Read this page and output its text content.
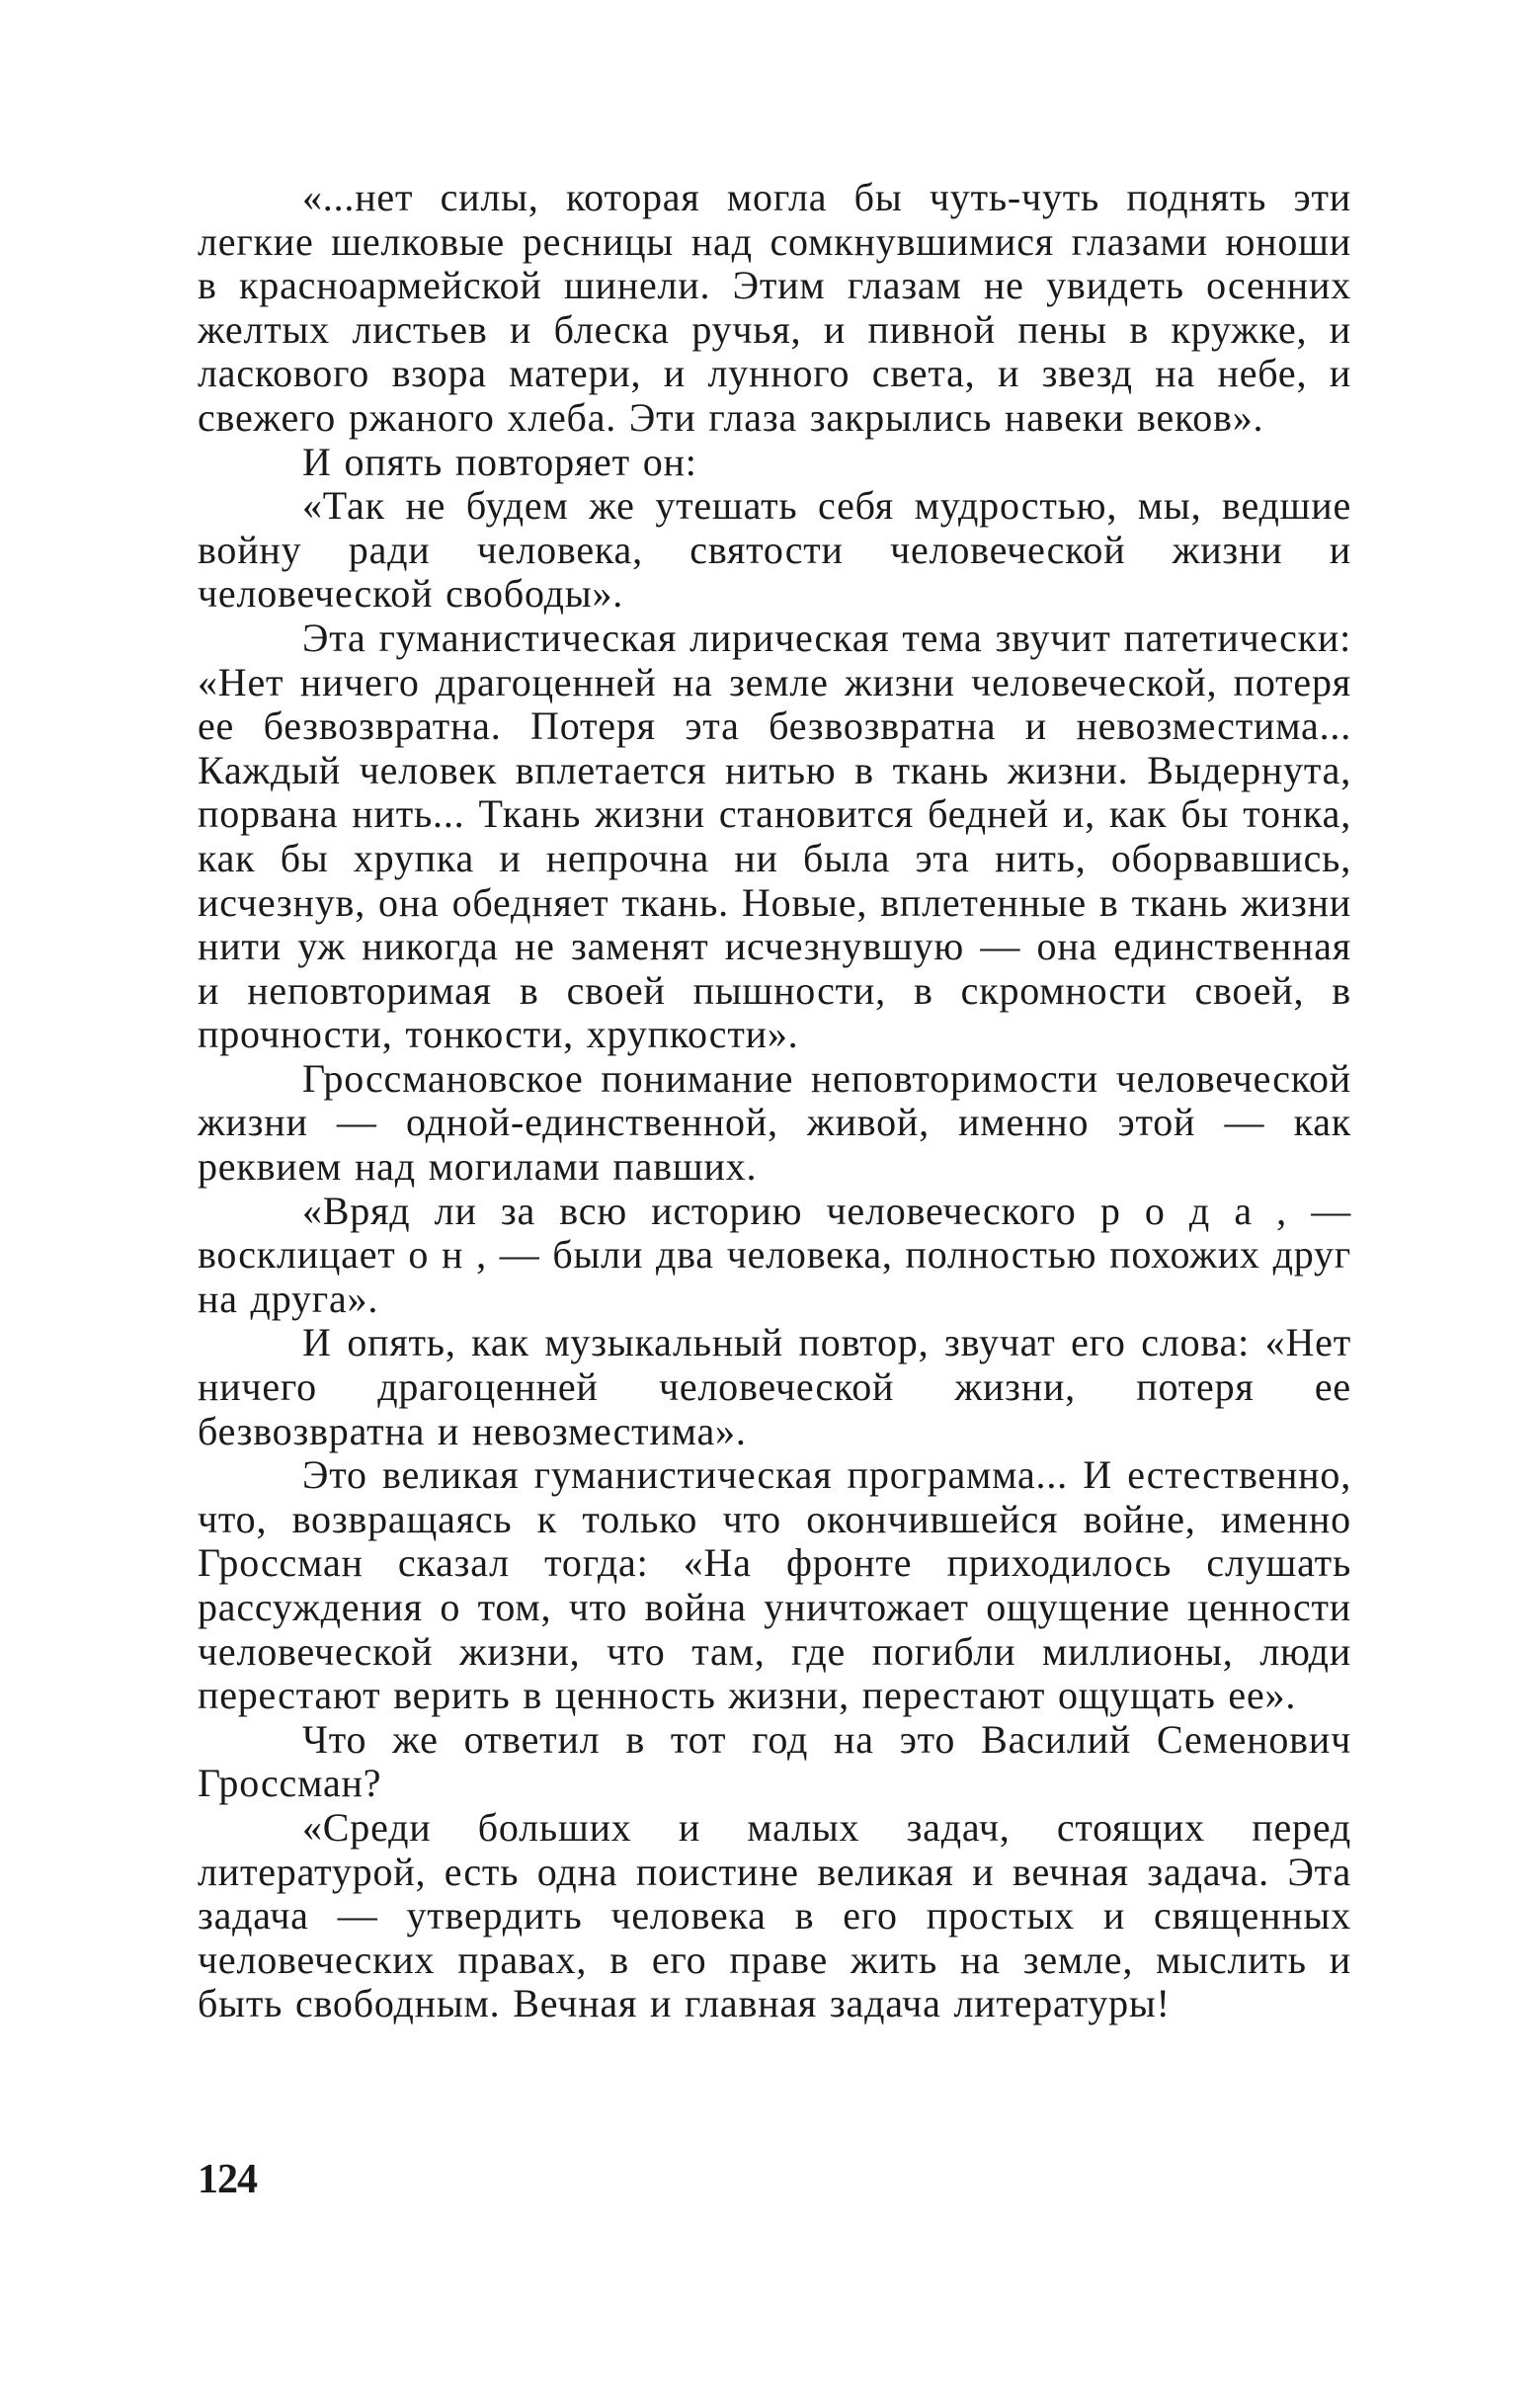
«...нет силы, которая могла бы чуть-чуть поднять эти легкие шелковые ресницы над сомкнувшимися глазами юноши в красноармейской шинели. Этим глазам не увидеть осенних желтых листьев и блеска ручья, и пивной пены в кружке, и ласкового взора матери, и лунного света, и звезд на небе, и свежего ржаного хлеба. Эти глаза закрылись навеки веков».

И опять повторяет он:

«Так не будем же утешать себя мудростью, мы, ведшие войну ради человека, святости человеческой жизни и человеческой свободы».

Эта гуманистическая лирическая тема звучит патетически: «Нет ничего драгоценней на земле жизни человеческой, потеря ее безвозвратна. Потеря эта безвозвратна и невозместима... Каждый человек вплетается нитью в ткань жизни. Выдернута, порвана нить... Ткань жизни становится бедней и, как бы тонка, как бы хрупка и непрочна ни была эта нить, оборвавшись, исчезнув, она обедняет ткань. Новые, вплетенные в ткань жизни нити уж никогда не заменят исчезнувшую — она единственная и неповторимая в своей пышности, в скромности своей, в прочности, тонкости, хрупкости».

Гроссмановское понимание неповторимости человеческой жизни — одной-единственной, живой, именно этой — как реквием над могилами павших.

«Вряд ли за всю историю человеческого р о д а , — восклицает о н , — были два человека, полностью похожих друг на друга».

И опять, как музыкальный повтор, звучат его слова: «Нет ничего драгоценней человеческой жизни, потеря ее безвозвратна и невозместима».

Это великая гуманистическая программа... И естественно, что, возвращаясь к только что окончившейся войне, именно Гроссман сказал тогда: «На фронте приходилось слушать рассуждения о том, что война уничтожает ощущение ценности человеческой жизни, что там, где погибли миллионы, люди перестают верить в ценность жизни, перестают ощущать ее».

Что же ответил в тот год на это Василий Семенович Гроссман?

«Среди больших и малых задач, стоящих перед литературой, есть одна поистине великая и вечная задача. Эта задача — утвердить человека в его простых и священных человеческих правах, в его праве жить на земле, мыслить и быть свободным. Вечная и главная задача литературы!

124
